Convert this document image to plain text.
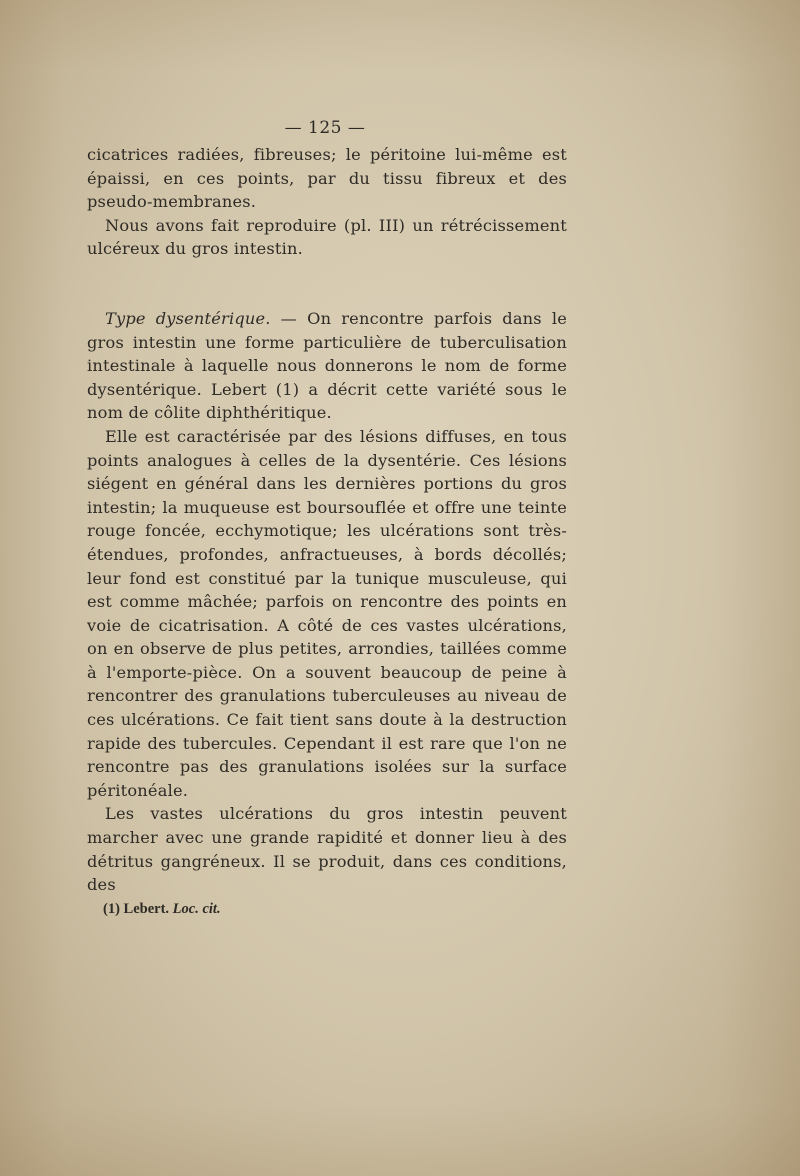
— 125 —

cicatrices radiées, fibreuses; le péritoine lui-même est épaissi, en ces points, par du tissu fibreux et des pseudo-membranes.

Nous avons fait reproduire (pl. III) un rétrécissement ulcéreux du gros intestin.

Type dysentérique. — On rencontre parfois dans le gros intestin une forme particulière de tuberculisation intestinale à laquelle nous donnerons le nom de forme dysentérique. Lebert (1) a décrit cette variété sous le nom de côlite diphthéritique.

Elle est caractérisée par des lésions diffuses, en tous points analogues à celles de la dysentérie. Ces lésions siégent en général dans les dernières portions du gros intestin; la muqueuse est boursouflée et offre une teinte rouge foncée, ecchymotique; les ulcérations sont très-étendues, profondes, anfractueuses, à bords décollés; leur fond est constitué par la tunique musculeuse, qui est comme mâchée; parfois on rencontre des points en voie de cicatrisation. A côté de ces vastes ulcérations, on en observe de plus petites, arrondies, taillées comme à l'emporte-pièce. On a souvent beaucoup de peine à rencontrer des granulations tuberculeuses au niveau de ces ulcérations. Ce fait tient sans doute à la destruction rapide des tubercules. Cependant il est rare que l'on ne rencontre pas des granulations isolées sur la surface péritonéale.

Les vastes ulcérations du gros intestin peuvent marcher avec une grande rapidité et donner lieu à des détritus gangréneux. Il se produit, dans ces conditions, des

(1) Lebert. Loc. cit.
